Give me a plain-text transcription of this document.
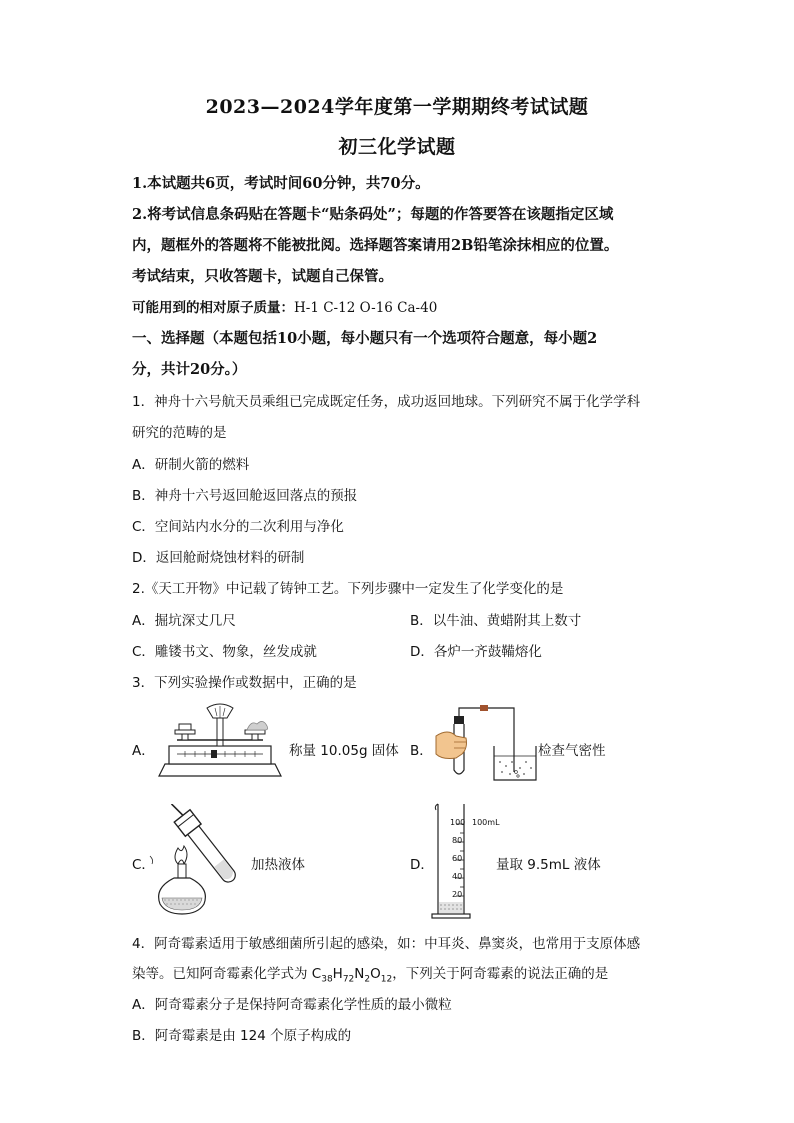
2023—2024学年度第一学期期终考试试题
初三化学试题
1.本试题共6页，考试时间60分钟，共70分。
2.将考试信息条码贴在答题卡“贴条码处”；每题的作答要答在该题指定区域
内，题框外的答题将不能被批阅。选择题答案请用2B铅笔涂抹相应的位置。
考试结束，只收答题卡，试题自己保管。
可能用到的相对原子质量：H-1 C-12 O-16 Ca-40
一、选择题（本题包括10小题，每小题只有一个选项符合题意，每小题2
分，共计20分。）
1．神舟十六号航天员乘组已完成既定任务，成功返回地球。下列研究不属于化学学科
研究的范畴的是
A．研制火箭的燃料
B．神舟十六号返回舱返回落点的预报
C．空间站内水分的二次利用与净化
D．返回舱耐烧蚀材料的研制
2.《天工开物》中记载了铸钟工艺。下列步骤中一定发生了化学变化的是
A．掘坑深丈几尺	B．以牛油、黄蜡附其上数寸
C．雕镂书文、物象，丝发成就	D．各炉一齐鼓鞴熔化
3．下列实验操作或数据中，正确的是
A．	称量 10.05g 固体 B．	检查气密性
C．	加热液体	D．
100
80
60
40
20
100mL
量取 9.5mL 液体
4．阿奇霉素适用于敏感细菌所引起的感染，如：中耳炎、鼻窦炎，也常用于支原体感
染等。已知阿奇霉素化学式为 $C_{38}H_{72}N_2O_{12}$，下列关于阿奇霉素的说法正确的是
A．阿奇霉素分子是保持阿奇霉素化学性质的最小微粒
B．阿奇霉素是由 124 个原子构成的
